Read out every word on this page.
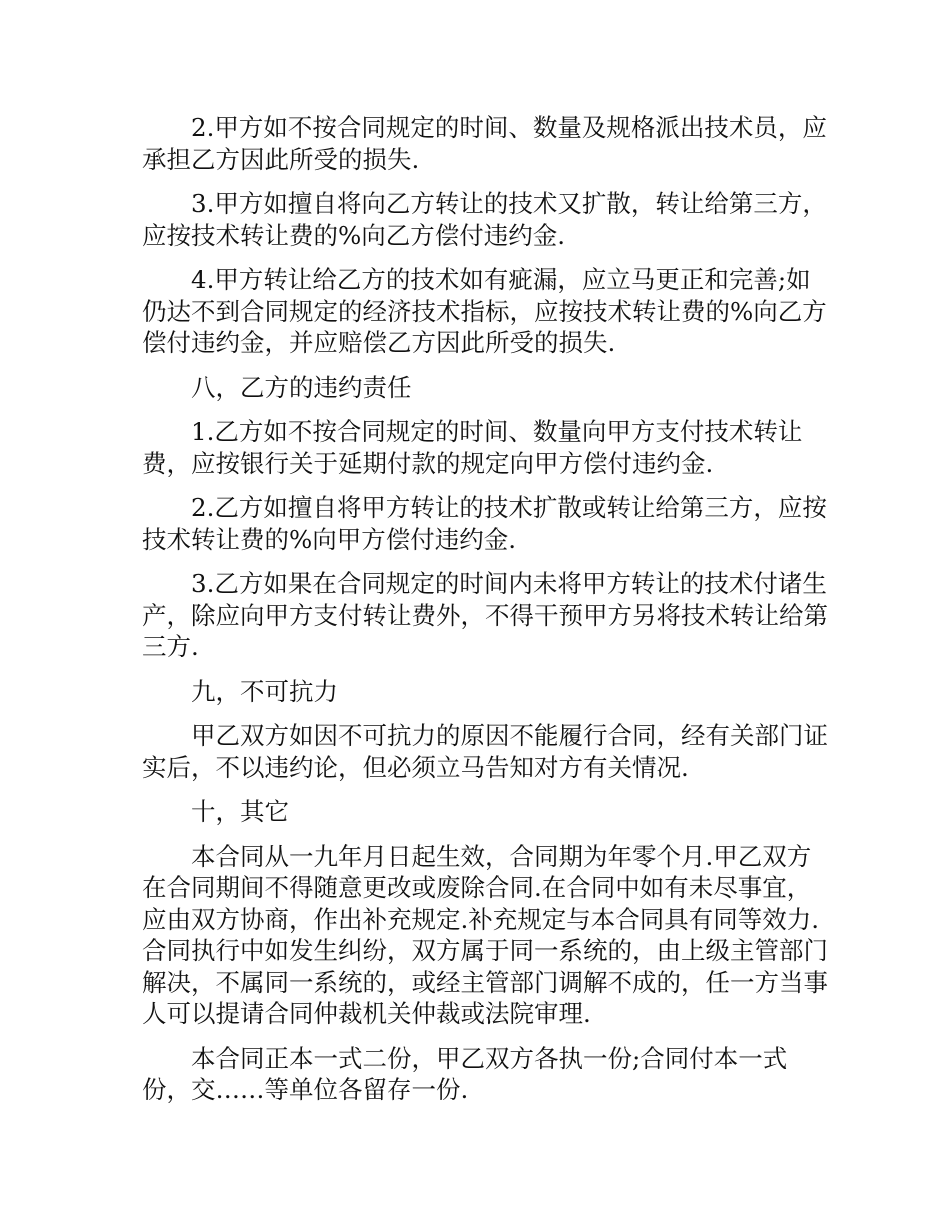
2.甲方如不按合同规定的时间、数量及规格派出技术员，应承担乙方因此所受的损失.

3.甲方如擅自将向乙方转让的技术又扩散，转让给第三方，应按技术转让费的%向乙方偿付违约金.

4.甲方转让给乙方的技术如有疵漏，应立马更正和完善;如仍达不到合同规定的经济技术指标，应按技术转让费的%向乙方偿付违约金，并应赔偿乙方因此所受的损失.

八，乙方的违约责任

1.乙方如不按合同规定的时间、数量向甲方支付技术转让费，应按银行关于延期付款的规定向甲方偿付违约金.

2.乙方如擅自将甲方转让的技术扩散或转让给第三方，应按技术转让费的%向甲方偿付违约金.

3.乙方如果在合同规定的时间内未将甲方转让的技术付诸生产，除应向甲方支付转让费外，不得干预甲方另将技术转让给第三方.

九，不可抗力

甲乙双方如因不可抗力的原因不能履行合同，经有关部门证实后，不以违约论，但必须立马告知对方有关情况.

十，其它

本合同从一九年月日起生效，合同期为年零个月.甲乙双方在合同期间不得随意更改或废除合同.在合同中如有未尽事宜，应由双方协商，作出补充规定.补充规定与本合同具有同等效力.合同执行中如发生纠纷，双方属于同一系统的，由上级主管部门解决，不属同一系统的，或经主管部门调解不成的，任一方当事人可以提请合同仲裁机关仲裁或法院审理.

本合同正本一式二份，甲乙双方各执一份;合同付本一式份，交……等单位各留存一份.
